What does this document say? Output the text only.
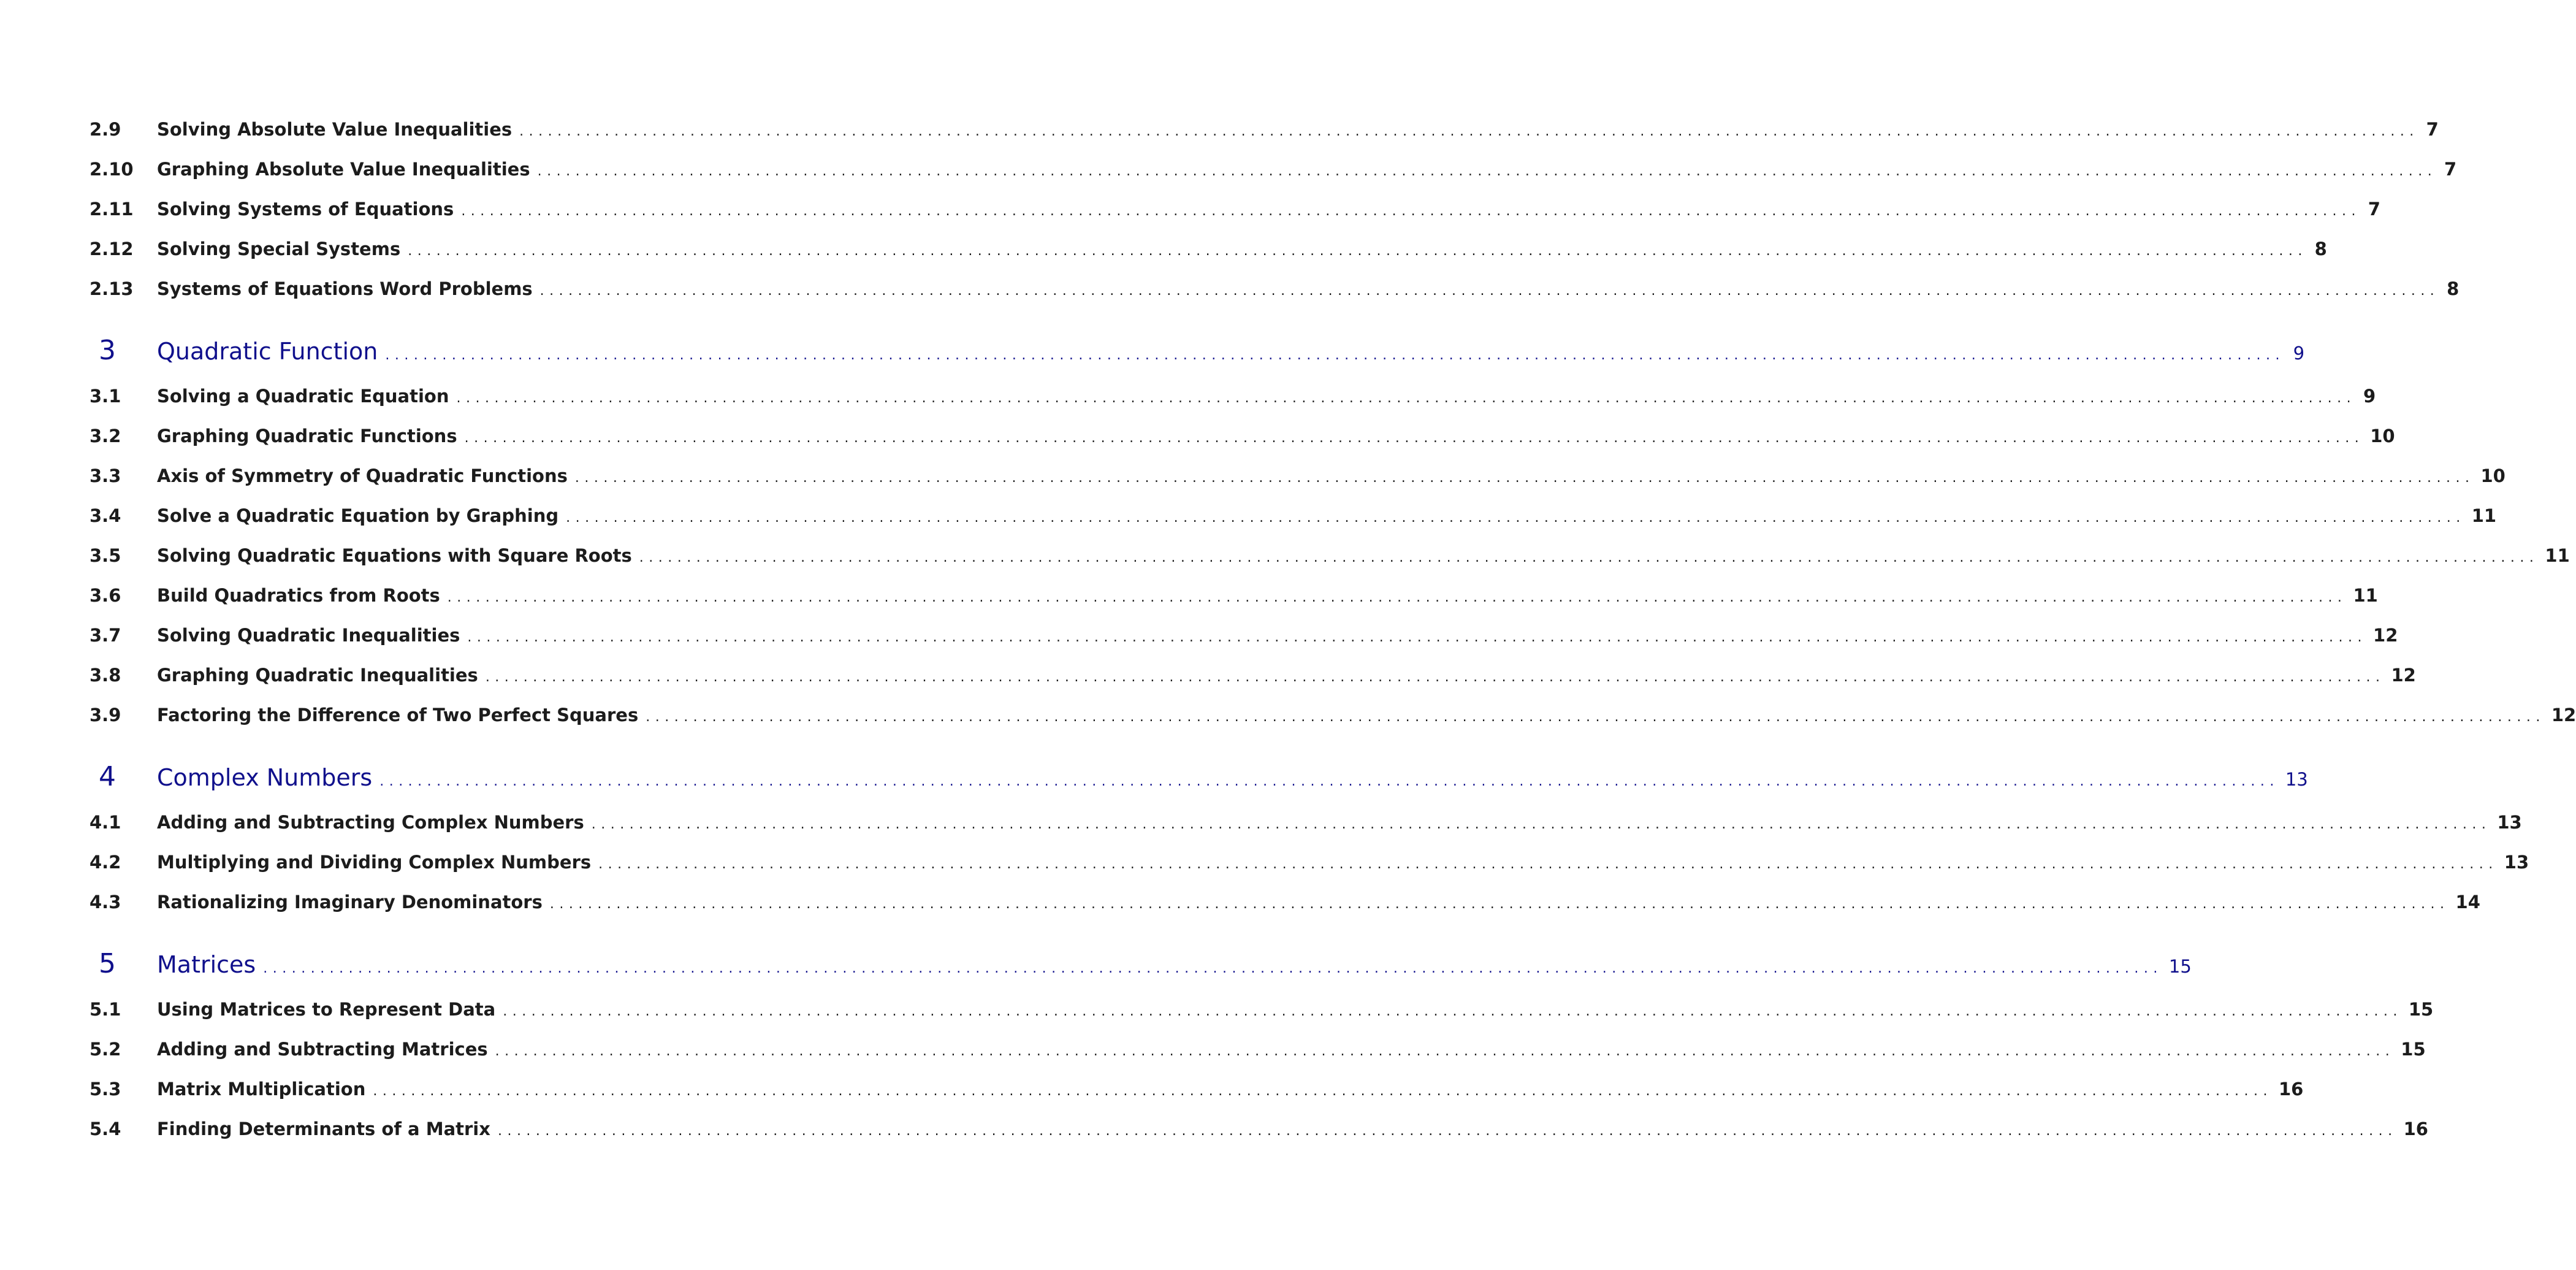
2.9	Solving Absolute Value Inequalities ........................................................................................................................................................................................................ 7
2.10	Graphing Absolute Value Inequalities ........................................................................................................................................................................................................ 7
2.11	Solving Systems of Equations ........................................................................................................................................................................................................ 7
2.12	Solving Special Systems ........................................................................................................................................................................................................ 8
2.13	Systems of Equations Word Problems ........................................................................................................................................................................................................ 8
3	Quadratic Function ........................................................................................................................................................................................................ 9
3.1	Solving a Quadratic Equation ........................................................................................................................................................................................................ 9
3.2	Graphing Quadratic Functions ........................................................................................................................................................................................................ 10
3.3	Axis of Symmetry of Quadratic Functions ........................................................................................................................................................................................................ 10
3.4	Solve a Quadratic Equation by Graphing ........................................................................................................................................................................................................ 11
3.5	Solving Quadratic Equations with Square Roots ........................................................................................................................................................................................................ 11
3.6	Build Quadratics from Roots ........................................................................................................................................................................................................ 11
3.7	Solving Quadratic Inequalities ........................................................................................................................................................................................................ 12
3.8	Graphing Quadratic Inequalities ........................................................................................................................................................................................................ 12
3.9	Factoring the Difference of Two Perfect Squares ........................................................................................................................................................................................................ 12
4	Complex Numbers ........................................................................................................................................................................................................ 13
4.1	Adding and Subtracting Complex Numbers ........................................................................................................................................................................................................ 13
4.2	Multiplying and Dividing Complex Numbers ........................................................................................................................................................................................................ 13
4.3	Rationalizing Imaginary Denominators ........................................................................................................................................................................................................ 14
5	Matrices ........................................................................................................................................................................................................ 15
5.1	Using Matrices to Represent Data ........................................................................................................................................................................................................ 15
5.2	Adding and Subtracting Matrices ........................................................................................................................................................................................................ 15
5.3	Matrix Multiplication ........................................................................................................................................................................................................ 16
5.4	Finding Determinants of a Matrix ........................................................................................................................................................................................................ 16
